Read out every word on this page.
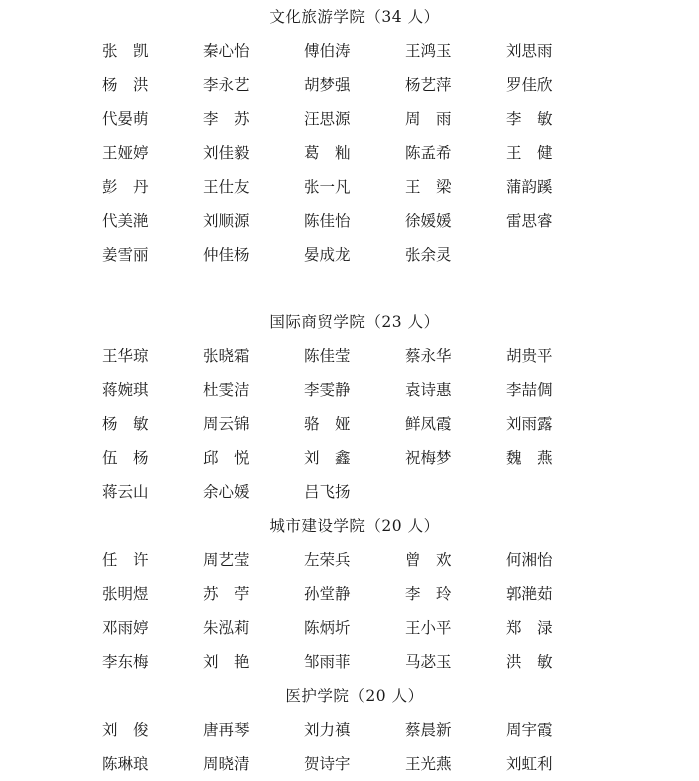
文化旅游学院（34 人）
张凯	秦心怡	傅伯涛	王鸿玉	刘思雨
杨洪	李永艺	胡梦强	杨艺萍	罗佳欣
代晏萌	李苏	汪思源	周雨	李敏
王娅婷	刘佳毅	葛籼	陈孟希	王健
彭丹	王仕友	张一凡	王梁	蒲韵蹊
代美滟	刘顺源	陈佳怡	徐媛媛	雷思睿
姜雪丽	仲佳杨	晏成龙	张余灵
国际商贸学院（23 人）
王华琼	张晓霜	陈佳莹	蔡永华	胡贵平
蒋婉琪	杜雯洁	李雯静	袁诗惠	李喆倜
杨敏	周云锦	骆娅	鲜凤霞	刘雨露
伍杨	邱悦	刘鑫	祝梅梦	魏燕
蒋云山	余心媛	吕飞扬
城市建设学院（20 人）
任许	周艺莹	左荣兵	曾欢	何湘怡
张明煜	苏苧	孙堂静	李玲	郭滟茹
邓雨婷	朱泓莉	陈炳圻	王小平	郑渌
李东梅	刘艳	邹雨菲	马苾玉	洪敏
医护学院（20 人）
刘俊	唐再琴	刘力禛	蔡晨新	周宇霞
陈琳琅	周晓清	贺诗宇	王光燕	刘虹利
